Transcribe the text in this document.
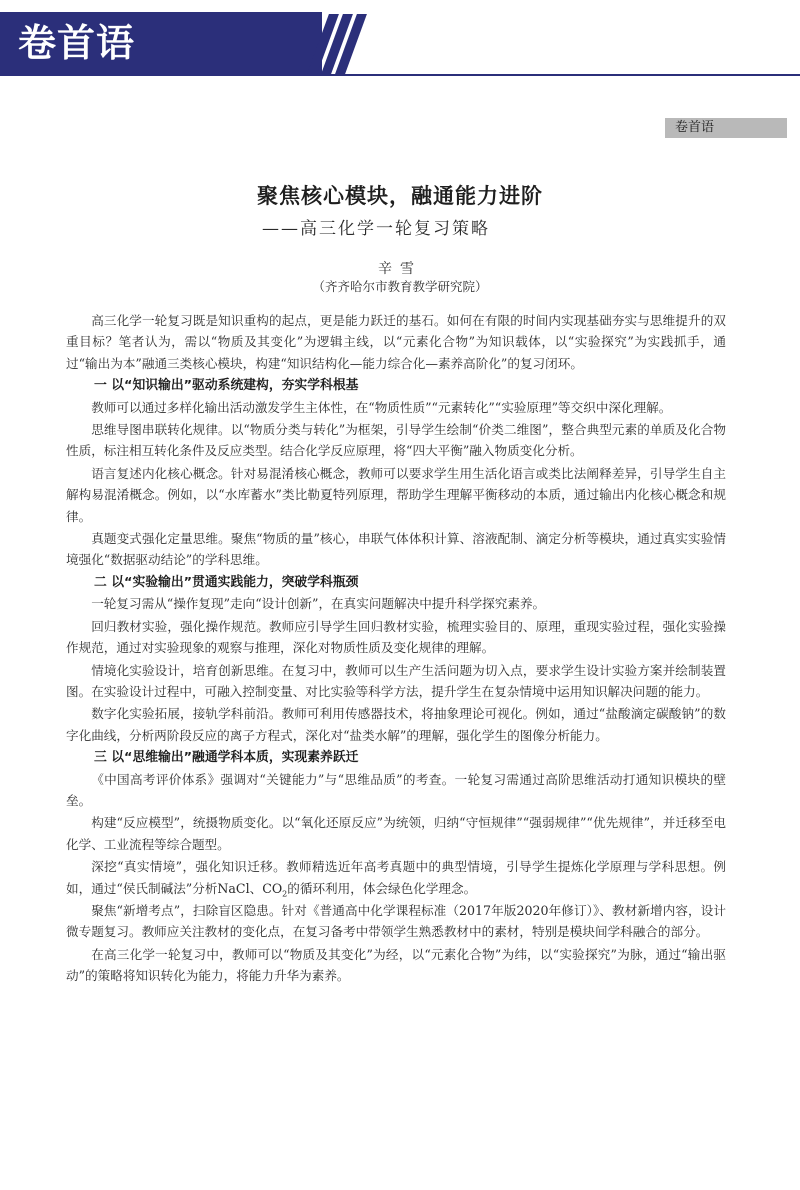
卷首语
卷首语
聚焦核心模块，融通能力进阶
——高三化学一轮复习策略
辛雪
（齐齐哈尔市教育教学研究院）

高三化学一轮复习既是知识重构的起点，更是能力跃迁的基石。如何在有限的时间内实现基础夯实与思维提升的双重目标？笔者认为，需以“物质及其变化”为逻辑主线，以“元素化合物”为知识载体，以“实验探究”为实践抓手，通过“输出为本”融通三类核心模块，构建“知识结构化—能力综合化—素养高阶化”的复习闭环。

一 以“知识输出”驱动系统建构，夯实学科根基

教师可以通过多样化输出活动激发学生主体性，在“物质性质”“元素转化”“实验原理”等交织中深化理解。

思维导图串联转化规律。以“物质分类与转化”为框架，引导学生绘制“价类二维图”，整合典型元素的单质及化合物性质，标注相互转化条件及反应类型。结合化学反应原理，将“四大平衡”融入物质变化分析。

语言复述内化核心概念。针对易混淆核心概念，教师可以要求学生用生活化语言或类比法阐释差异，引导学生自主解构易混淆概念。例如，以“水库蓄水”类比勒夏特列原理，帮助学生理解平衡移动的本质，通过输出内化核心概念和规律。

真题变式强化定量思维。聚焦“物质的量”核心，串联气体体积计算、溶液配制、滴定分析等模块，通过真实实验情境强化“数据驱动结论”的学科思维。

二 以“实验输出”贯通实践能力，突破学科瓶颈

一轮复习需从“操作复现”走向“设计创新”，在真实问题解决中提升科学探究素养。

回归教材实验，强化操作规范。教师应引导学生回归教材实验，梳理实验目的、原理，重现实验过程，强化实验操作规范，通过对实验现象的观察与推理，深化对物质性质及变化规律的理解。

情境化实验设计，培育创新思维。在复习中，教师可以生产生活问题为切入点，要求学生设计实验方案并绘制装置图。在实验设计过程中，可融入控制变量、对比实验等科学方法，提升学生在复杂情境中运用知识解决问题的能力。

数字化实验拓展，接轨学科前沿。教师可利用传感器技术，将抽象理论可视化。例如，通过“盐酸滴定碳酸钠”的数字化曲线，分析两阶段反应的离子方程式，深化对“盐类水解”的理解，强化学生的图像分析能力。

三 以“思维输出”融通学科本质，实现素养跃迁

《中国高考评价体系》强调对“关键能力”与“思维品质”的考查。一轮复习需通过高阶思维活动打通知识模块的壁垒。

构建“反应模型”，统摄物质变化。以“氧化还原反应”为统领，归纳“守恒规律”“强弱规律”“优先规律”，并迁移至电化学、工业流程等综合题型。

深挖“真实情境”，强化知识迁移。教师精选近年高考真题中的典型情境，引导学生提炼化学原理与学科思想。例如，通过“侯氏制碱法”分析NaCl、$CO_2$的循环利用，体会绿色化学理念。

聚焦“新增考点”，扫除盲区隐患。针对《普通高中化学课程标准（2017年版2020年修订）》、教材新增内容，设计微专题复习。教师应关注教材的变化点，在复习备考中带领学生熟悉教材中的素材，特别是模块间学科融合的部分。

在高三化学一轮复习中，教师可以“物质及其变化”为经，以“元素化合物”为纬，以“实验探究”为脉，通过“输出驱动”的策略将知识转化为能力，将能力升华为素养。
